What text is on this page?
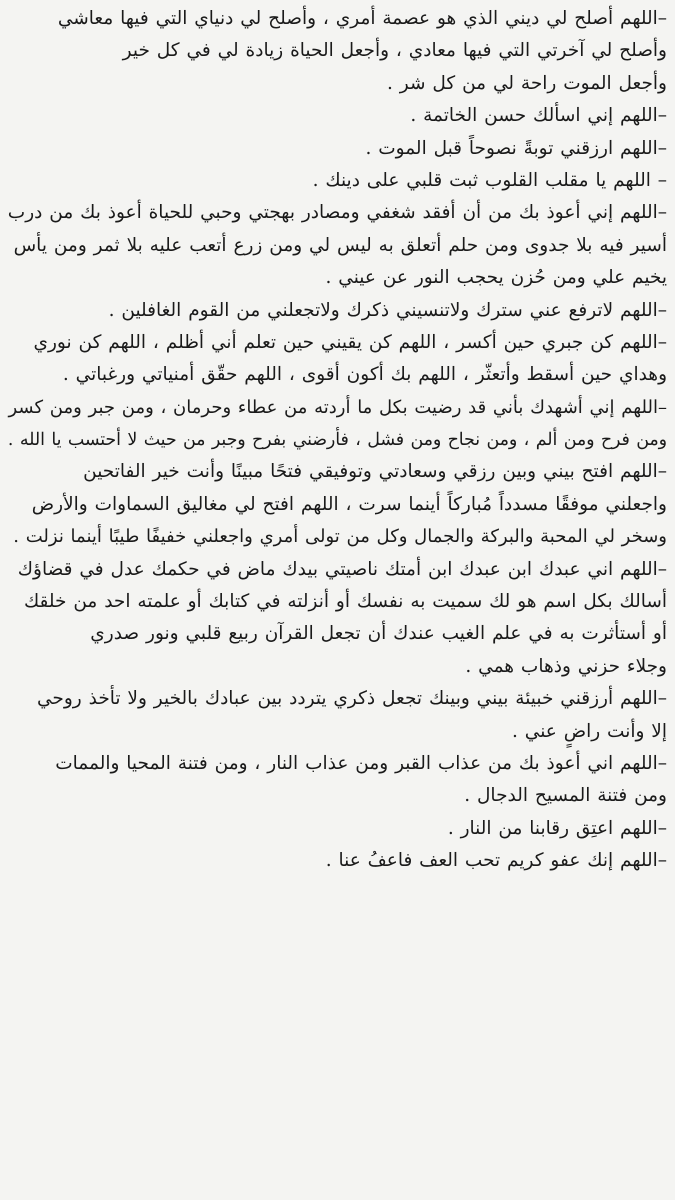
–اللهم أصلح لي ديني الذي هو عصمة أمري ، وأصلح لي دنياي التي فيها معاشي
وأصلح لي آخرتي التي فيها معادي ، وأجعل الحياة زيادة لي في كل خير
وأجعل الموت راحة لي من كل شر .
–اللهم إني اسألك حسن الخاتمة .
–اللهم ارزقني توبةً نصوحاً قبل الموت .
– اللهم يا مقلب القلوب ثبت قلبي على دينك .
–اللهم إني أعوذ بك من أن أفقد شغفي ومصادر بهجتي وحبي للحياة أعوذ بك من درب
أسير فيه بلا جدوى ومن حلم أتعلق به ليس لي ومن زرع أتعب عليه بلا ثمر ومن يأس
يخيم علي ومن حُزن يحجب النور عن عيني .
–اللهم لاترفع عني سترك ولاتنسيني ذكرك ولاتجعلني من القوم الغافلين .
–اللهم كن جبري حين أكسر ، اللهم كن يقيني حين تعلم أني أظلم ، اللهم كن نوري
وهداي حين أسقط وأتعثّر ، اللهم بك أكون أقوى ، اللهم حقّق أمنياتي ورغباتي .
–اللهم إني أشهدك بأني قد رضيت بكل ما أردته من عطاء وحرمان ، ومن جبر ومن كسر
ومن فرح ومن ألم ، ومن نجاح ومن فشل ، فأرضني بفرح وجبر من حيث لا أحتسب يا الله .
–اللهم افتح بيني وبين رزقي وسعادتي وتوفيقي فتحًا مبينًا وأنت خير الفاتحين
واجعلني موفقًا مسدداً مُباركاً أينما سرت ، اللهم افتح لي مغاليق السماوات والأرض
وسخر لي المحبة والبركة والجمال وكل من تولى أمري واجعلني خفيفًا طيبًا أينما نزلت .
–اللهم اني عبدك ابن عبدك ابن أمتك ناصيتي بيدك ماض في حكمك عدل في قضاؤك
أسالك بكل اسم هو لك سميت به نفسك أو أنزلته في كتابك أو علمته احد من خلقك
أو أستأثرت به في علم الغيب عندك أن تجعل القرآن ربيع قلبي ونور صدري
وجلاء حزني وذهاب همي .
–اللهم أرزقني خبيئة بيني وبينك تجعل ذكري يتردد بين عبادك بالخير ولا تأخذ روحي
إلا وأنت راضٍ عني .
–اللهم اني أعوذ بك من عذاب القبر ومن عذاب النار ، ومن فتنة المحيا والممات
ومن فتنة المسيح الدجال .
–اللهم اعتِق رقابنا من النار .
–اللهم إنك عفو كريم تحب العف فاعفُ عنا .
